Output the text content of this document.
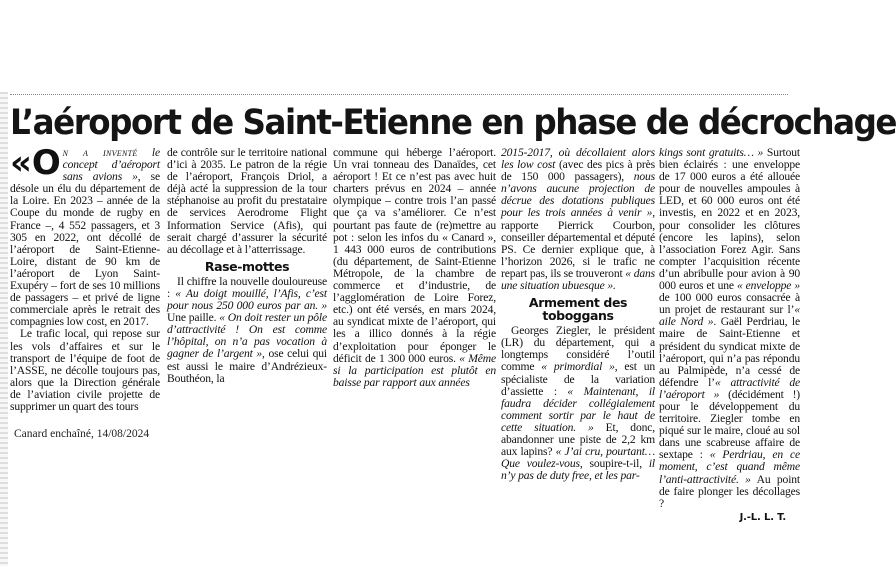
L’aéroport de Saint-Etienne en phase de décrochage

«On a inventé le concept d’aéroport sans avions », se désole un élu du département de la Loire. En 2023 – année de la Coupe du monde de rugby en France –, 4 552 passagers, et 3 305 en 2022, ont décollé de l’aéroport de Saint-Etienne-Loire, distant de 90 km de l’aéroport de Lyon Saint-Exupéry – fort de ses 10 millions de passagers – et privé de ligne commerciale après le retrait des compagnies low cost, en 2017.

Le trafic local, qui repose sur les vols d’affaires et sur le transport de l’équipe de foot de l’ASSE, ne décolle toujours pas, alors que la Direction générale de l’aviation civile projette de supprimer un quart des tours

de contrôle sur le territoire national d’ici à 2035. Le patron de la régie de l’aéroport, François Driol, a déjà acté la suppression de la tour stéphanoise au profit du prestataire de services Aerodrome Flight Information Service (Afis), qui serait chargé d’assurer la sécurité au décollage et à l’atterrissage.

Rase-mottes

Il chiffre la nouvelle douloureuse : « Au doigt mouillé, l’Afis, c’est pour nous 250 000 euros par an. » Une paille. « On doit rester un pôle d’attractivité ! On est comme l’hôpital, on n’a pas vocation à gagner de l’argent », ose celui qui est aussi le maire d’Andrézieux-Bouthéon, la

commune qui héberge l’aéroport. Un vrai tonneau des Danaïdes, cet aéroport ! Et ce n’est pas avec huit charters prévus en 2024 – année olympique – contre trois l’an passé que ça va s’améliorer. Ce n’est pourtant pas faute de (re)mettre au pot : selon les infos du « Canard », 1 443 000 euros de contributions (du département, de Saint-Etienne Métropole, de la chambre de commerce et d’industrie, de l’agglomération de Loire Forez, etc.) ont été versés, en mars 2024, au syndicat mixte de l’aéroport, qui les a illico donnés à la régie d’exploitation pour éponger le déficit de 1 300 000 euros. « Même si la participation est plutôt en baisse par rapport aux années

2015-2017, où décollaient alors les low cost (avec des pics à près de 150 000 passagers), nous n’avons aucune projection de décrue des dotations publiques pour les trois années à venir », rapporte Pierrick Courbon, conseiller départemental et député PS. Ce dernier explique que, à l’horizon 2026, si le trafic ne repart pas, ils se trouveront « dans une situation ubuesque ».

Armement des toboggans

Georges Ziegler, le président (LR) du département, qui a longtemps considéré l’outil comme « primordial », est un spécialiste de la variation d’assiette : « Maintenant, il faudra décider collégialement comment sortir par le haut de cette situation. » Et, donc, abandonner une piste de 2,2 km aux lapins? « J’ai cru, pourtant… Que voulez-vous, soupire-t-il, il n’y pas de duty free, et les par-

kings sont gratuits… » Surtout bien éclairés : une enveloppe de 17 000 euros a été allouée pour de nouvelles ampoules à LED, et 60 000 euros ont été investis, en 2022 et en 2023, pour consolider les clôtures (encore les lapins), selon l’association Forez Agir. Sans compter l’acquisition récente d’un abribulle pour avion à 90 000 euros et une « enveloppe » de 100 000 euros consacrée à un projet de restaurant sur l’« aile Nord ». Gaël Perdriau, le maire de Saint-Etienne et président du syndicat mixte de l’aéroport, qui n’a pas répondu au Palmipède, n’a cessé de défendre l’« attractivité de l’aéroport » (décidément !) pour le développement du territoire. Ziegler tombe en piqué sur le maire, cloué au sol dans une scabreuse affaire de sextape : « Perdriau, en ce moment, c’est quand même l’anti-attractivité. » Au point de faire plonger les décollages ?

J.-L. L. T.
Canard enchaîné, 14/08/2024
